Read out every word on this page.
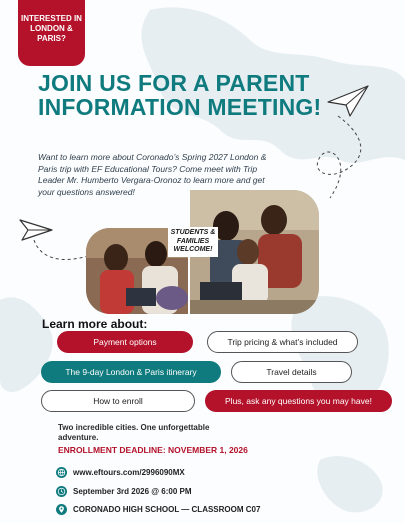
INTERESTED IN LONDON & PARIS?
JOIN US FOR A PARENT INFORMATION MEETING!
Want to learn more about Coronado’s Spring 2027 London & Paris trip with EF Educational Tours? Come meet with Trip Leader Mr. Humberto Vergara-Oronoz to learn more and get your questions answered!
STUDENTS & FAMILIES WELCOME!
Learn more about:
Payment options	Trip pricing & what’s included
The 9-day London & Paris itinerary	Travel details
How to enroll	Plus, ask any questions you may have!
Two incredible cities. One unforgettable adventure.
ENROLLMENT DEADLINE: NOVEMBER 1, 2026
www.eftours.com/2996090MX
September 3rd 2026 @ 6:00 PM
CORONADO HIGH SCHOOL — CLASSROOM C07
